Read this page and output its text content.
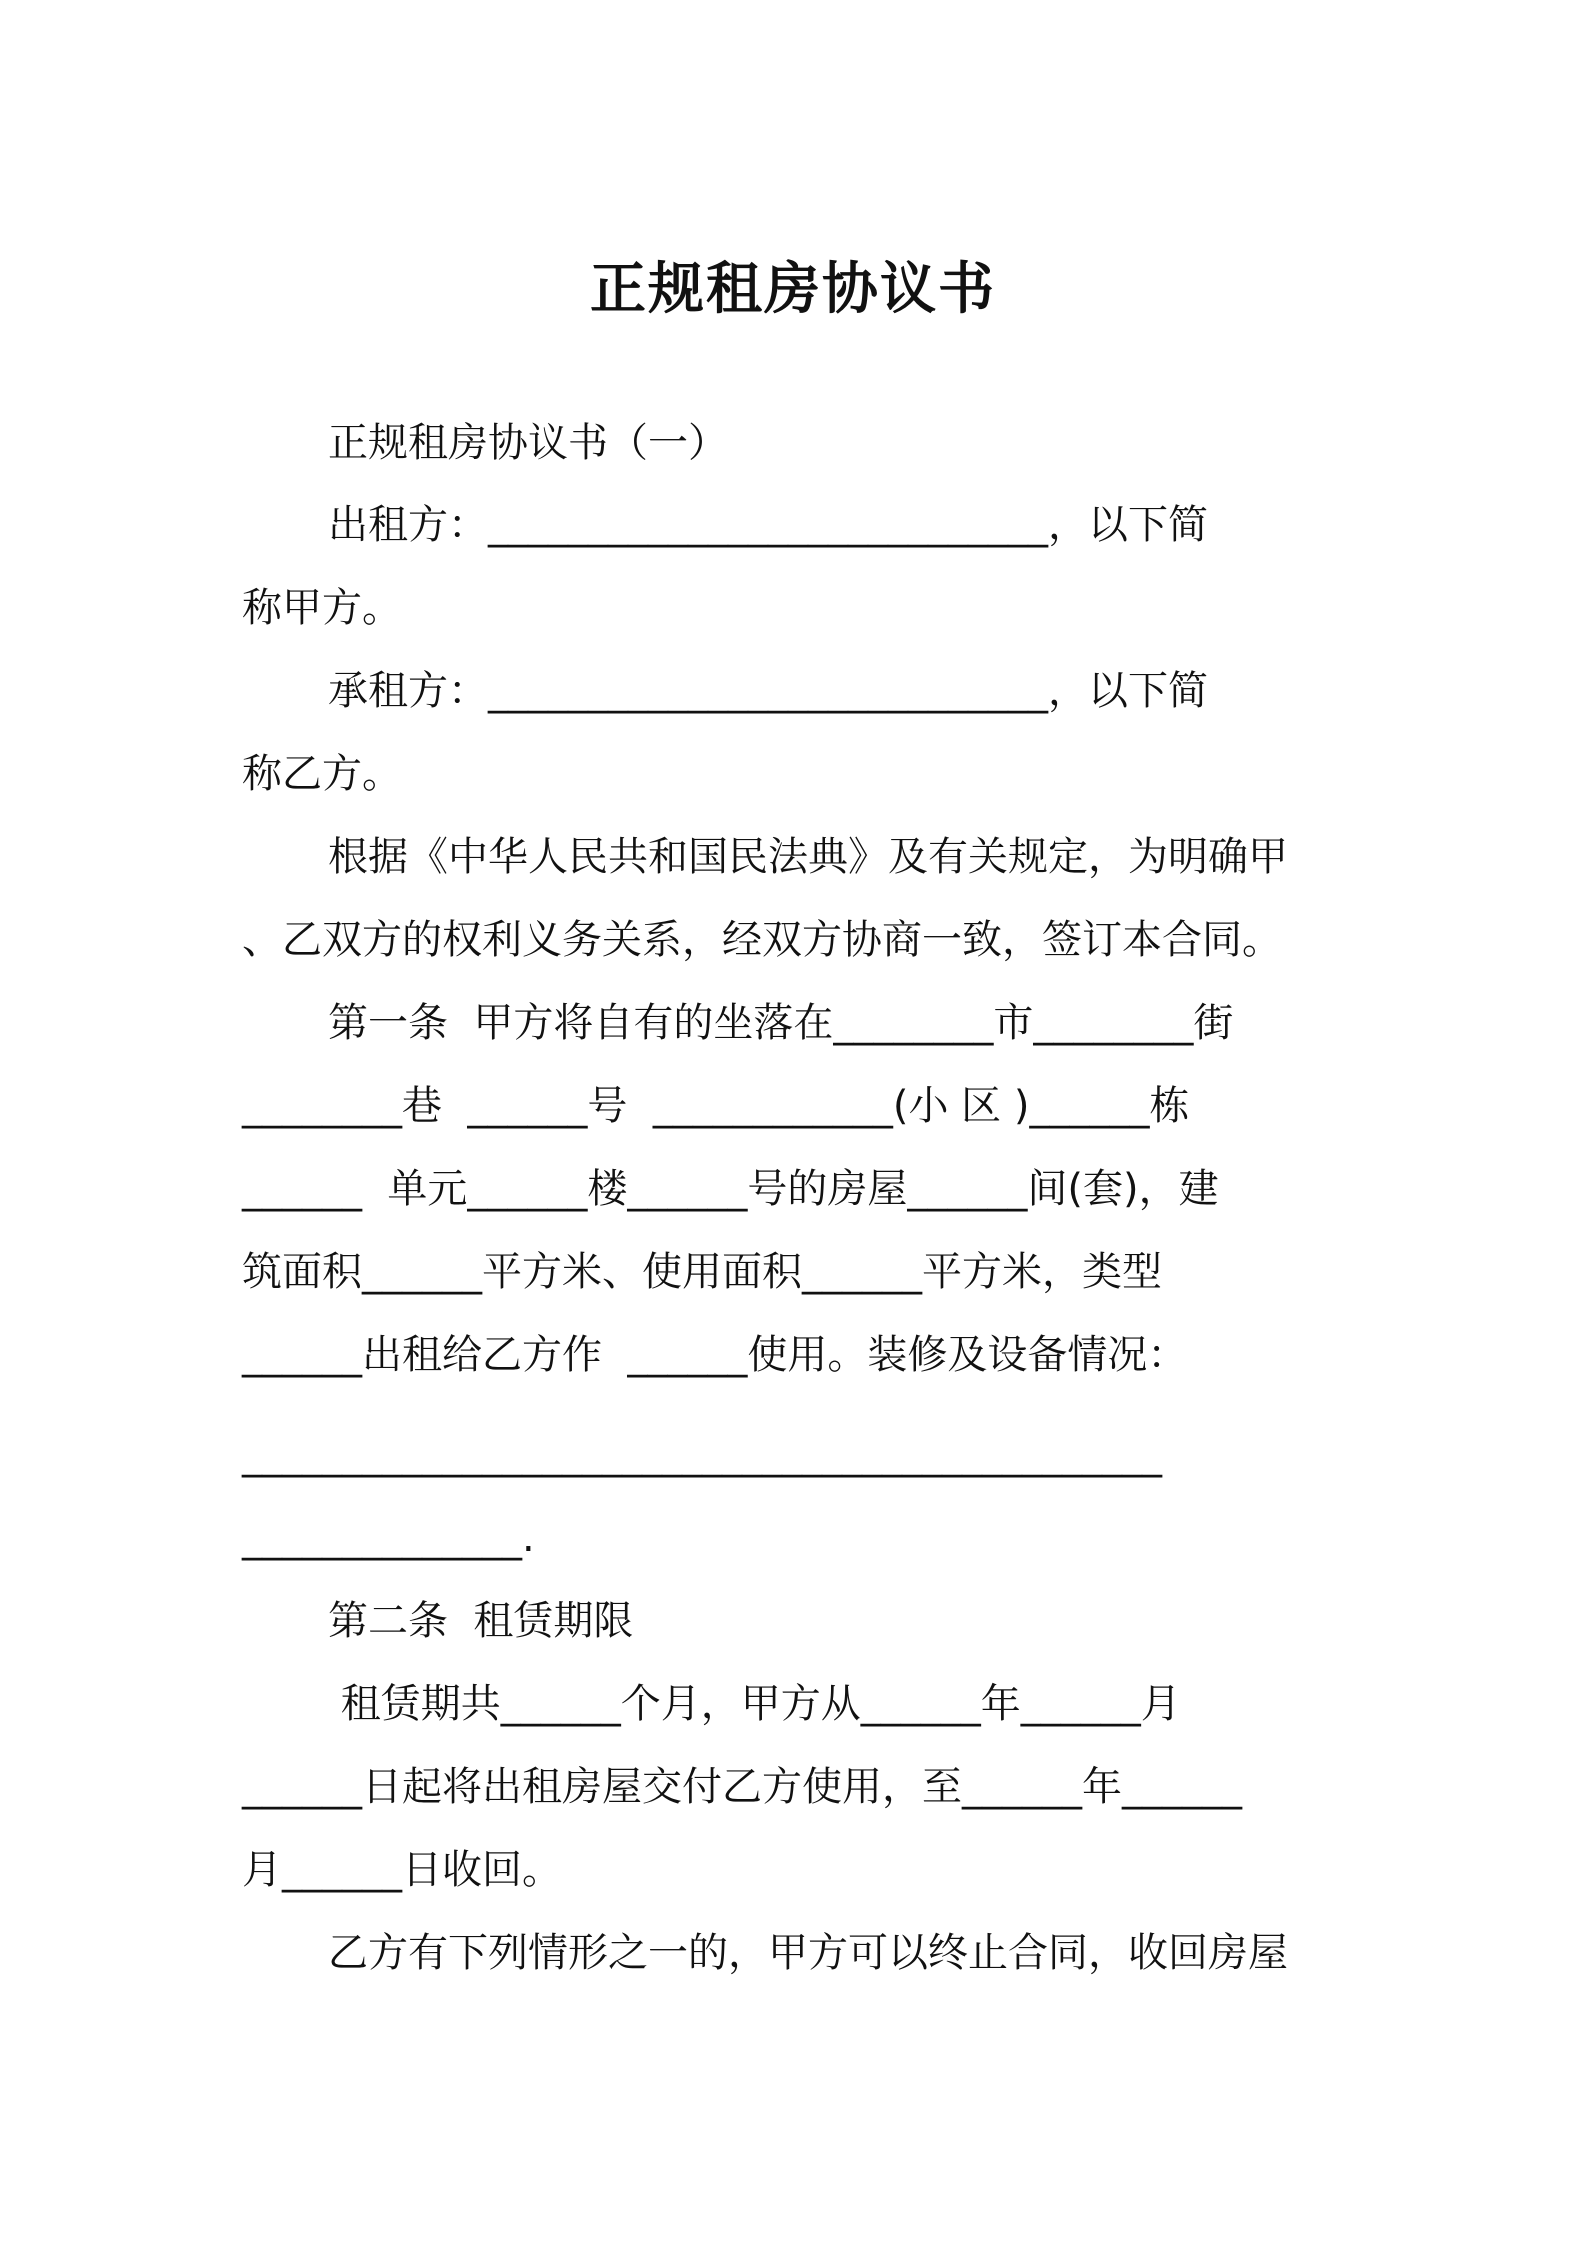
正规租房协议书

正规租房协议书（一）

出租方：____________________________，以下简

称甲方。

承租方：____________________________，以下简

称乙方。

根据《中华人民共和国民法典》及有关规定，为明确甲

、乙双方的权利义务关系，经双方协商一致，签订本合同。

第一条  甲方将自有的坐落在________市________街

________巷  ______号  ____________(小 区 )______栋

______  单元______楼______号的房屋______间(套)，建

筑面积______平方米、使用面积______平方米，类型

______出租给乙方作  ______使用。装修及设备情况：

______________________________________________

______________.

第二条  租赁期限

租赁期共______个月，甲方从______年______月

______日起将出租房屋交付乙方使用，至______年______

月______日收回。

乙方有下列情形之一的，甲方可以终止合同，收回房屋
